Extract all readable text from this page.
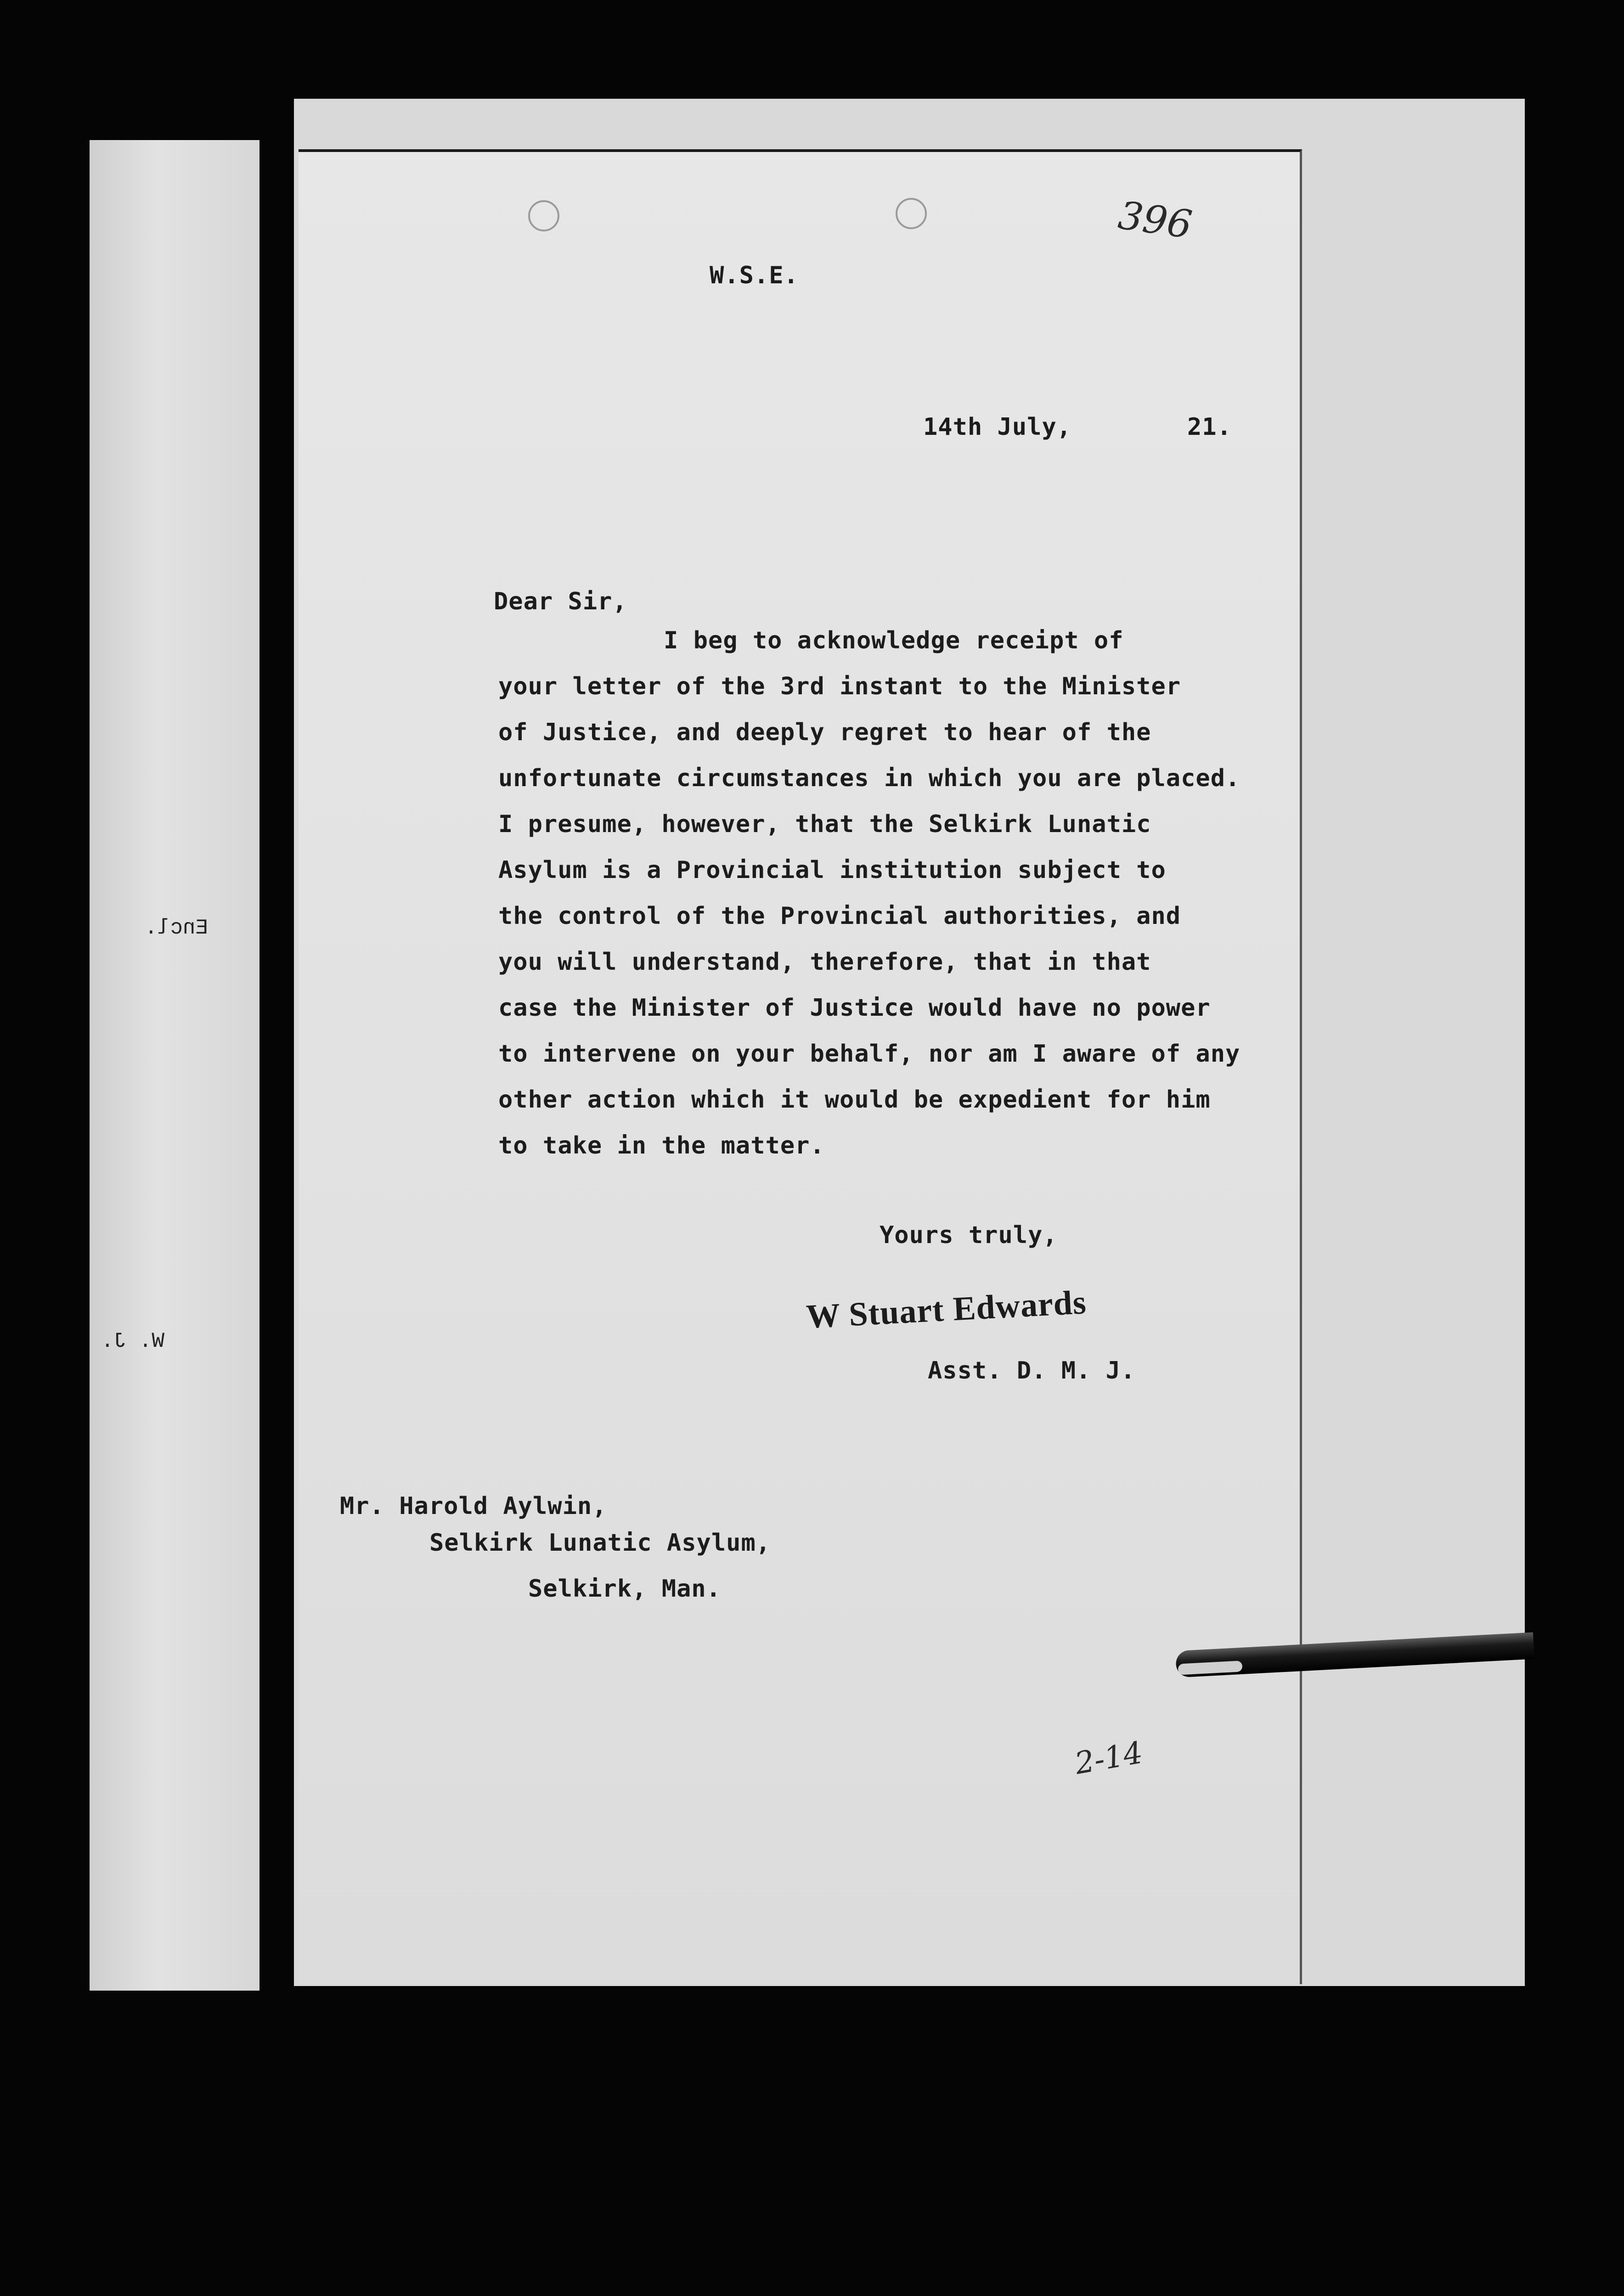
Encl.
W. J.
396
W.S.E.
14th July,	21.
Dear Sir,
I beg to acknowledge receipt of
your letter of the 3rd instant to the Minister
of Justice, and deeply regret to hear of the
unfortunate circumstances in which you are placed.
I presume, however, that the Selkirk Lunatic
Asylum is a Provincial institution subject to
the control of the Provincial authorities, and
you will understand, therefore, that in that
case the Minister of Justice would have no power
to intervene on your behalf, nor am I aware of any
other action which it would be expedient for him
to take in the matter.
Yours truly,
W Stuart Edwards
Asst. D. M. J.
Mr. Harold Aylwin,
Selkirk Lunatic Asylum,
Selkirk, Man.
2-14
